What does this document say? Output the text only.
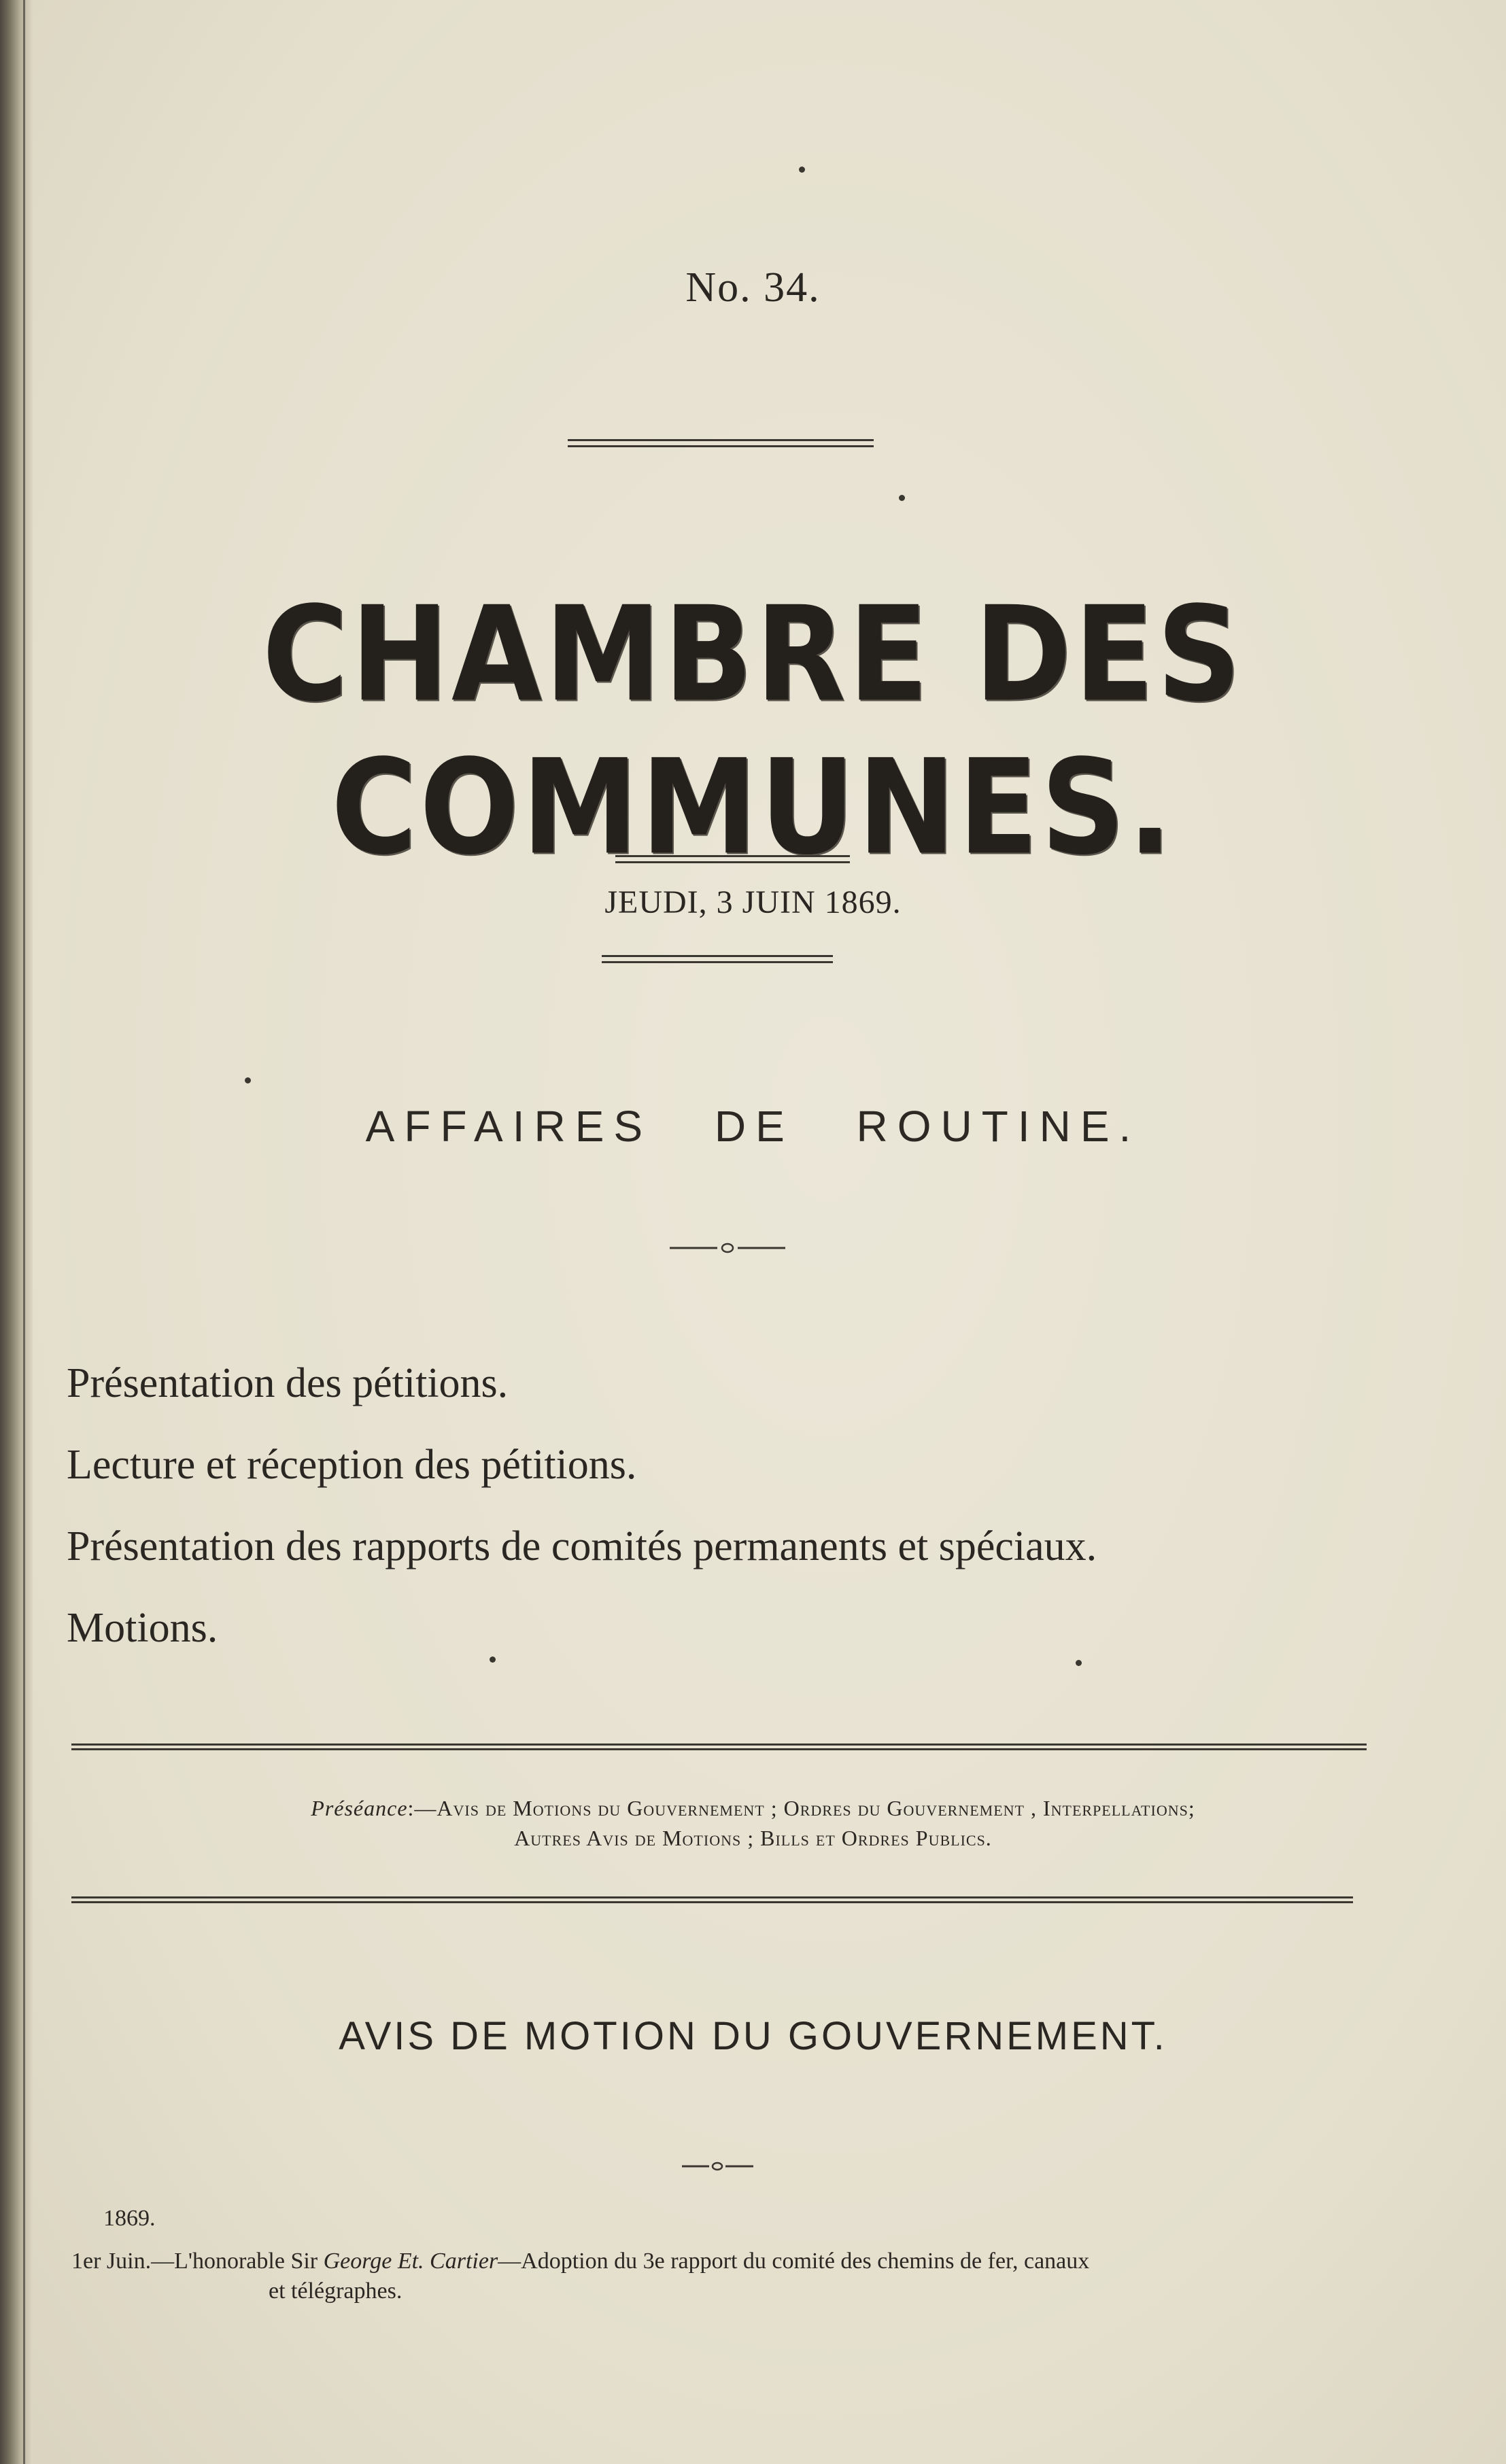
No. 34.
CHAMBRE DES COMMUNES.
JEUDI, 3 JUIN 1869.
AFFAIRES DE ROUTINE.
Présentation des pétitions.
Lecture et réception des pétitions.
Présentation des rapports de comités permanents et spéciaux.
Motions.
Préséance:—Avis de Motions du Gouvernement ; Ordres du Gouvernement , Interpellations;
Autres Avis de Motions ; Bills et Ordres Publics.
AVIS DE MOTION DU GOUVERNEMENT.
1869.
1er Juin.—L'honorable Sir George Et. Cartier—Adoption du 3e rapport du comité des chemins de fer, canaux
et télégraphes.
